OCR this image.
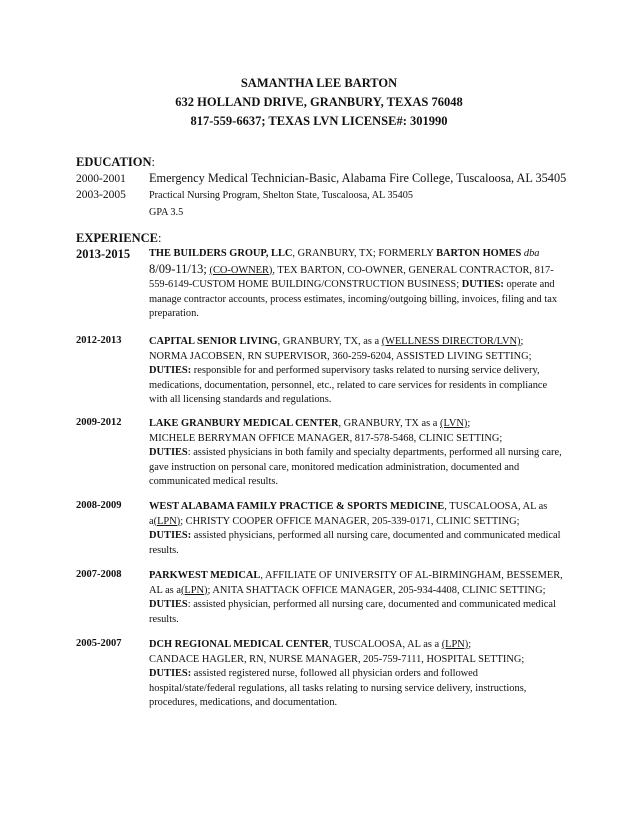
SAMANTHA LEE BARTON
632 HOLLAND DRIVE, GRANBURY, TEXAS 76048
817-559-6637; TEXAS LVN LICENSE#: 301990
EDUCATION:
2000-2001 Emergency Medical Technician-Basic, Alabama Fire College, Tuscaloosa, AL 35405
2003-2005 Practical Nursing Program, Shelton State, Tuscaloosa, AL 35405
GPA 3.5
EXPERIENCE:
2013-2015 THE BUILDERS GROUP, LLC, GRANBURY, TX; FORMERLY BARTON HOMES dba 8/09-11/13; (CO-OWNER), TEX BARTON, CO-OWNER, GENERAL CONTRACTOR, 817-559-6149-CUSTOM HOME BUILDING/CONSTRUCTION BUSINESS; DUTIES: operate and manage contractor accounts, process estimates, incoming/outgoing billing, invoices, filing and tax preparation.
2012-2013	CAPITAL SENIOR LIVING, GRANBURY, TX, as a (WELLNESS DIRECTOR/LVN);
NORMA JACOBSEN, RN SUPERVISOR, 360-259-6204, ASSISTED LIVING SETTING;
DUTIES: responsible for and performed supervisory tasks related to nursing service delivery, medications, documentation, personnel, etc., related to care services for residents in compliance with all licensing standards and regulations.
2009-2012	LAKE GRANBURY MEDICAL CENTER, GRANBURY, TX as a (LVN);
MICHELE BERRYMAN OFFICE MANAGER, 817-578-5468, CLINIC SETTING;
DUTIES: assisted physicians in both family and specialty departments, performed all nursing care, gave instruction on personal care, monitored medication administration, documented and communicated medical results.
2008-2009	WEST ALABAMA FAMILY PRACTICE & SPORTS MEDICINE, TUSCALOOSA, AL as a(LPN); CHRISTY COOPER OFFICE MANAGER, 205-339-0171, CLINIC SETTING;
DUTIES: assisted physicians, performed all nursing care, documented and communicated medical results.
2007-2008	PARKWEST MEDICAL, AFFILIATE OF UNIVERSITY OF AL-BIRMINGHAM, BESSEMER, AL as a(LPN); ANITA SHATTACK OFFICE MANAGER, 205-934-4408, CLINIC SETTING; DUTIES: assisted physician, performed all nursing care, documented and communicated medical results.
2005-2007	DCH REGIONAL MEDICAL CENTER, TUSCALOOSA, AL as a (LPN);
CANDACE HAGLER, RN, NURSE MANAGER, 205-759-7111, HOSPITAL SETTING;
DUTIES: assisted registered nurse, followed all physician orders and followed hospital/state/federal regulations, all tasks relating to nursing service delivery, instructions, procedures, medications, and documentation.
